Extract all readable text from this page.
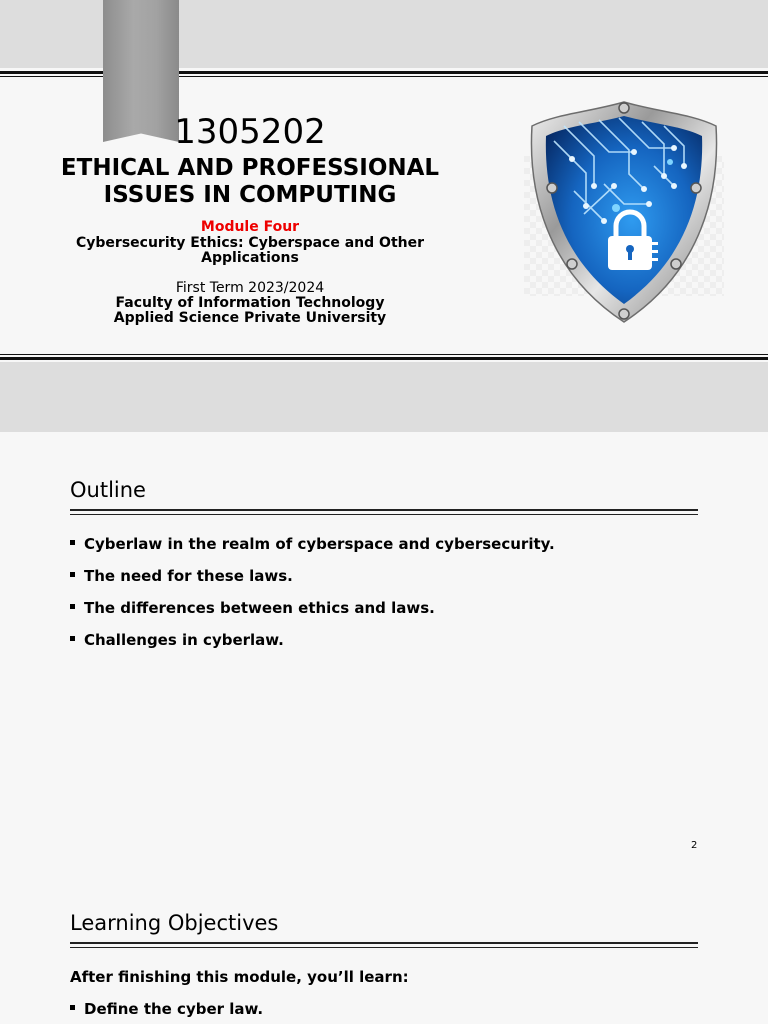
1305202
ETHICAL AND PROFESSIONAL ISSUES IN COMPUTING
Module Four
Cybersecurity Ethics: Cyberspace and Other Applications
First Term 2023/2024
Faculty of Information Technology
Applied Science Private University
Outline
Cyberlaw in the realm of cyberspace and cybersecurity.
The need for these laws.
The differences between ethics and laws.
Challenges in cyberlaw.
2
Learning Objectives
After finishing this module, you’ll learn:
Define the cyber law.
